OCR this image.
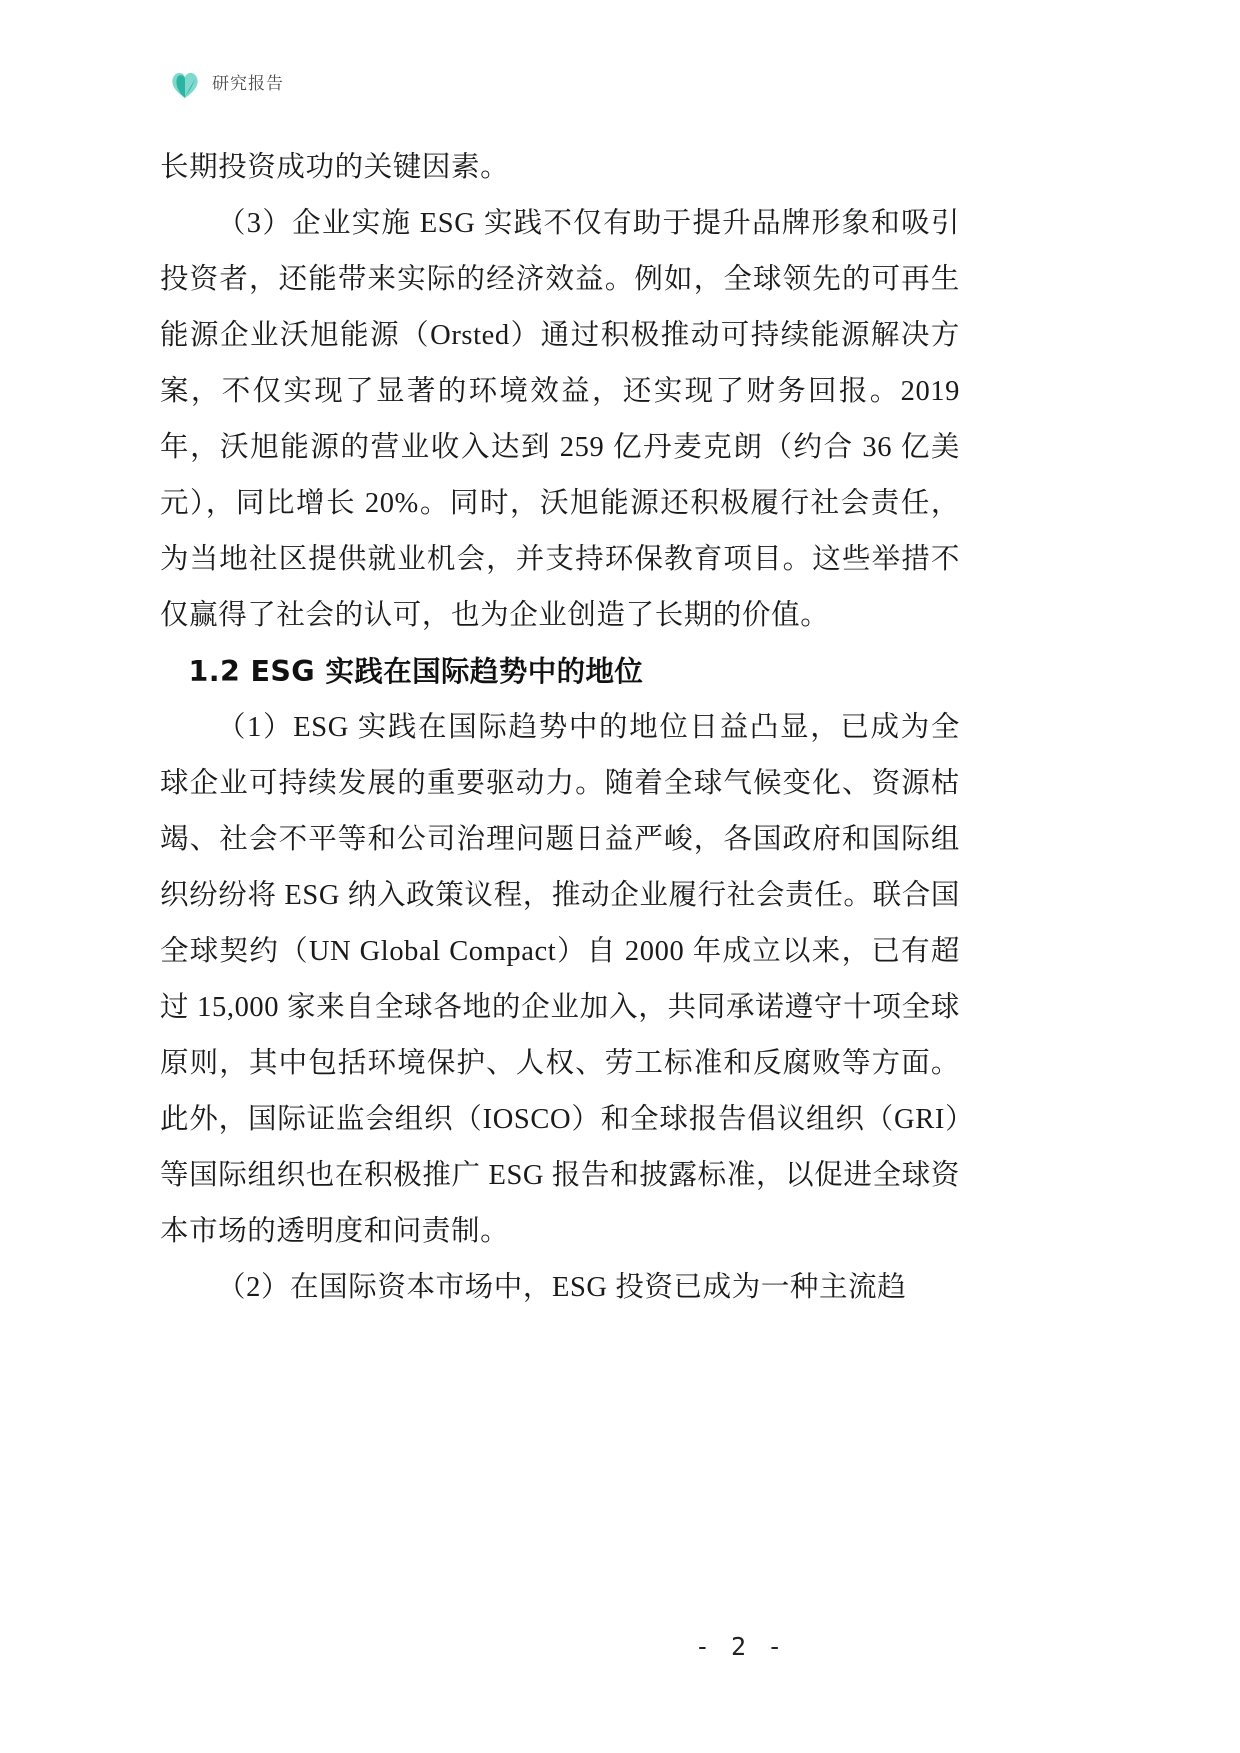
研究报告

长期投资成功的关键因素。

（3）企业实施 ESG 实践不仅有助于提升品牌形象和吸引投资者，还能带来实际的经济效益。例如，全球领先的可再生能源企业沃旭能源（Orsted）通过积极推动可持续能源解决方案，不仅实现了显著的环境效益，还实现了财务回报。2019 年，沃旭能源的营业收入达到 259 亿丹麦克朗（约合 36 亿美元），同比增长 20%。同时，沃旭能源还积极履行社会责任，为当地社区提供就业机会，并支持环保教育项目。这些举措不仅赢得了社会的认可，也为企业创造了长期的价值。

1.2 ESG 实践在国际趋势中的地位

（1）ESG 实践在国际趋势中的地位日益凸显，已成为全球企业可持续发展的重要驱动力。随着全球气候变化、资源枯竭、社会不平等和公司治理问题日益严峻，各国政府和国际组织纷纷将 ESG 纳入政策议程，推动企业履行社会责任。联合国全球契约（UN Global Compact）自 2000 年成立以来，已有超过 15,000 家来自全球各地的企业加入，共同承诺遵守十项全球原则，其中包括环境保护、人权、劳工标准和反腐败等方面。此外，国际证监会组织（IOSCO）和全球报告倡议组织（GRI）等国际组织也在积极推广 ESG 报告和披露标准，以促进全球资本市场的透明度和问责制。

（2）在国际资本市场中，ESG 投资已成为一种主流趋

- 2 -
